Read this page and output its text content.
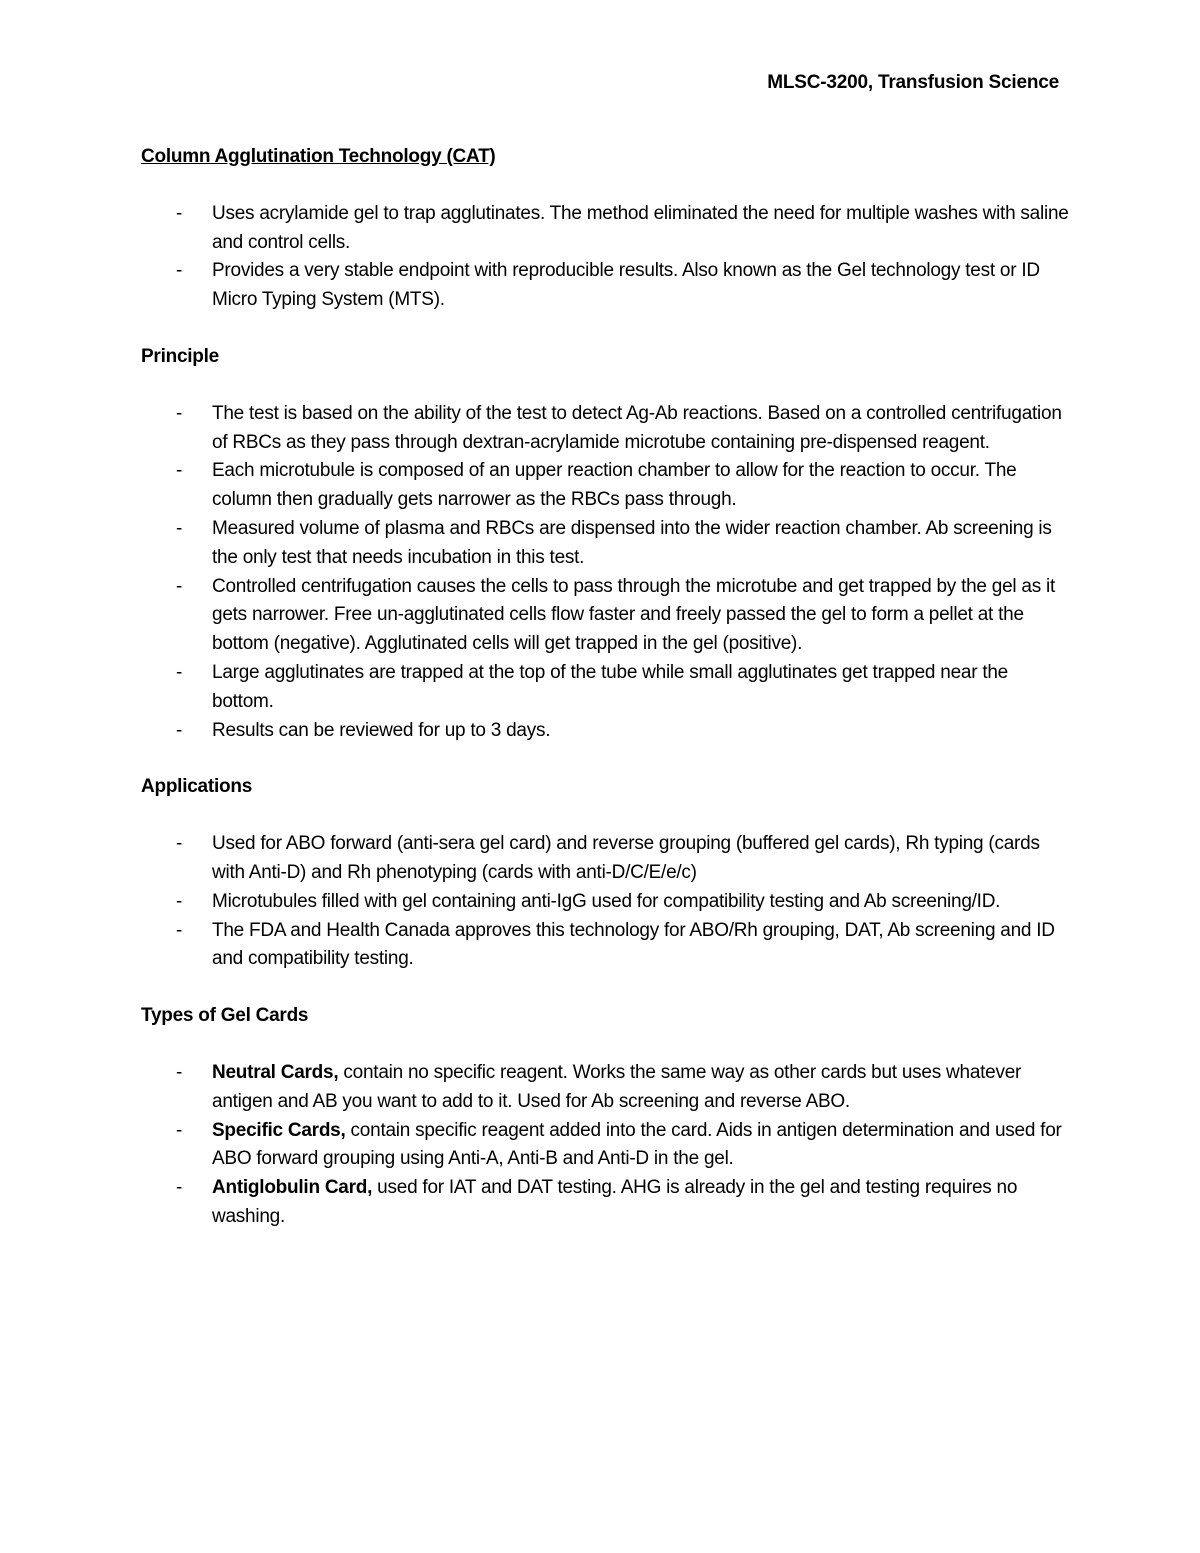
MLSC-3200, Transfusion Science
Column Agglutination Technology (CAT)
- Uses acrylamide gel to trap agglutinates. The method eliminated the need for multiple washes with saline and control cells.
- Provides a very stable endpoint with reproducible results. Also known as the Gel technology test or ID Micro Typing System (MTS).
Principle
- The test is based on the ability of the test to detect Ag-Ab reactions. Based on a controlled centrifugation of RBCs as they pass through dextran-acrylamide microtube containing pre-dispensed reagent.
- Each microtubule is composed of an upper reaction chamber to allow for the reaction to occur. The column then gradually gets narrower as the RBCs pass through.
- Measured volume of plasma and RBCs are dispensed into the wider reaction chamber. Ab screening is the only test that needs incubation in this test.
- Controlled centrifugation causes the cells to pass through the microtube and get trapped by the gel as it gets narrower. Free un-agglutinated cells flow faster and freely passed the gel to form a pellet at the bottom (negative). Agglutinated cells will get trapped in the gel (positive).
- Large agglutinates are trapped at the top of the tube while small agglutinates get trapped near the bottom.
- Results can be reviewed for up to 3 days.
Applications
- Used for ABO forward (anti-sera gel card) and reverse grouping (buffered gel cards), Rh typing (cards with Anti-D) and Rh phenotyping (cards with anti-D/C/E/e/c)
- Microtubules filled with gel containing anti-IgG used for compatibility testing and Ab screening/ID.
- The FDA and Health Canada approves this technology for ABO/Rh grouping, DAT, Ab screening and ID and compatibility testing.
Types of Gel Cards
- Neutral Cards, contain no specific reagent. Works the same way as other cards but uses whatever antigen and AB you want to add to it. Used for Ab screening and reverse ABO.
- Specific Cards, contain specific reagent added into the card. Aids in antigen determination and used for ABO forward grouping using Anti-A, Anti-B and Anti-D in the gel.
- Antiglobulin Card, used for IAT and DAT testing. AHG is already in the gel and testing requires no washing.
